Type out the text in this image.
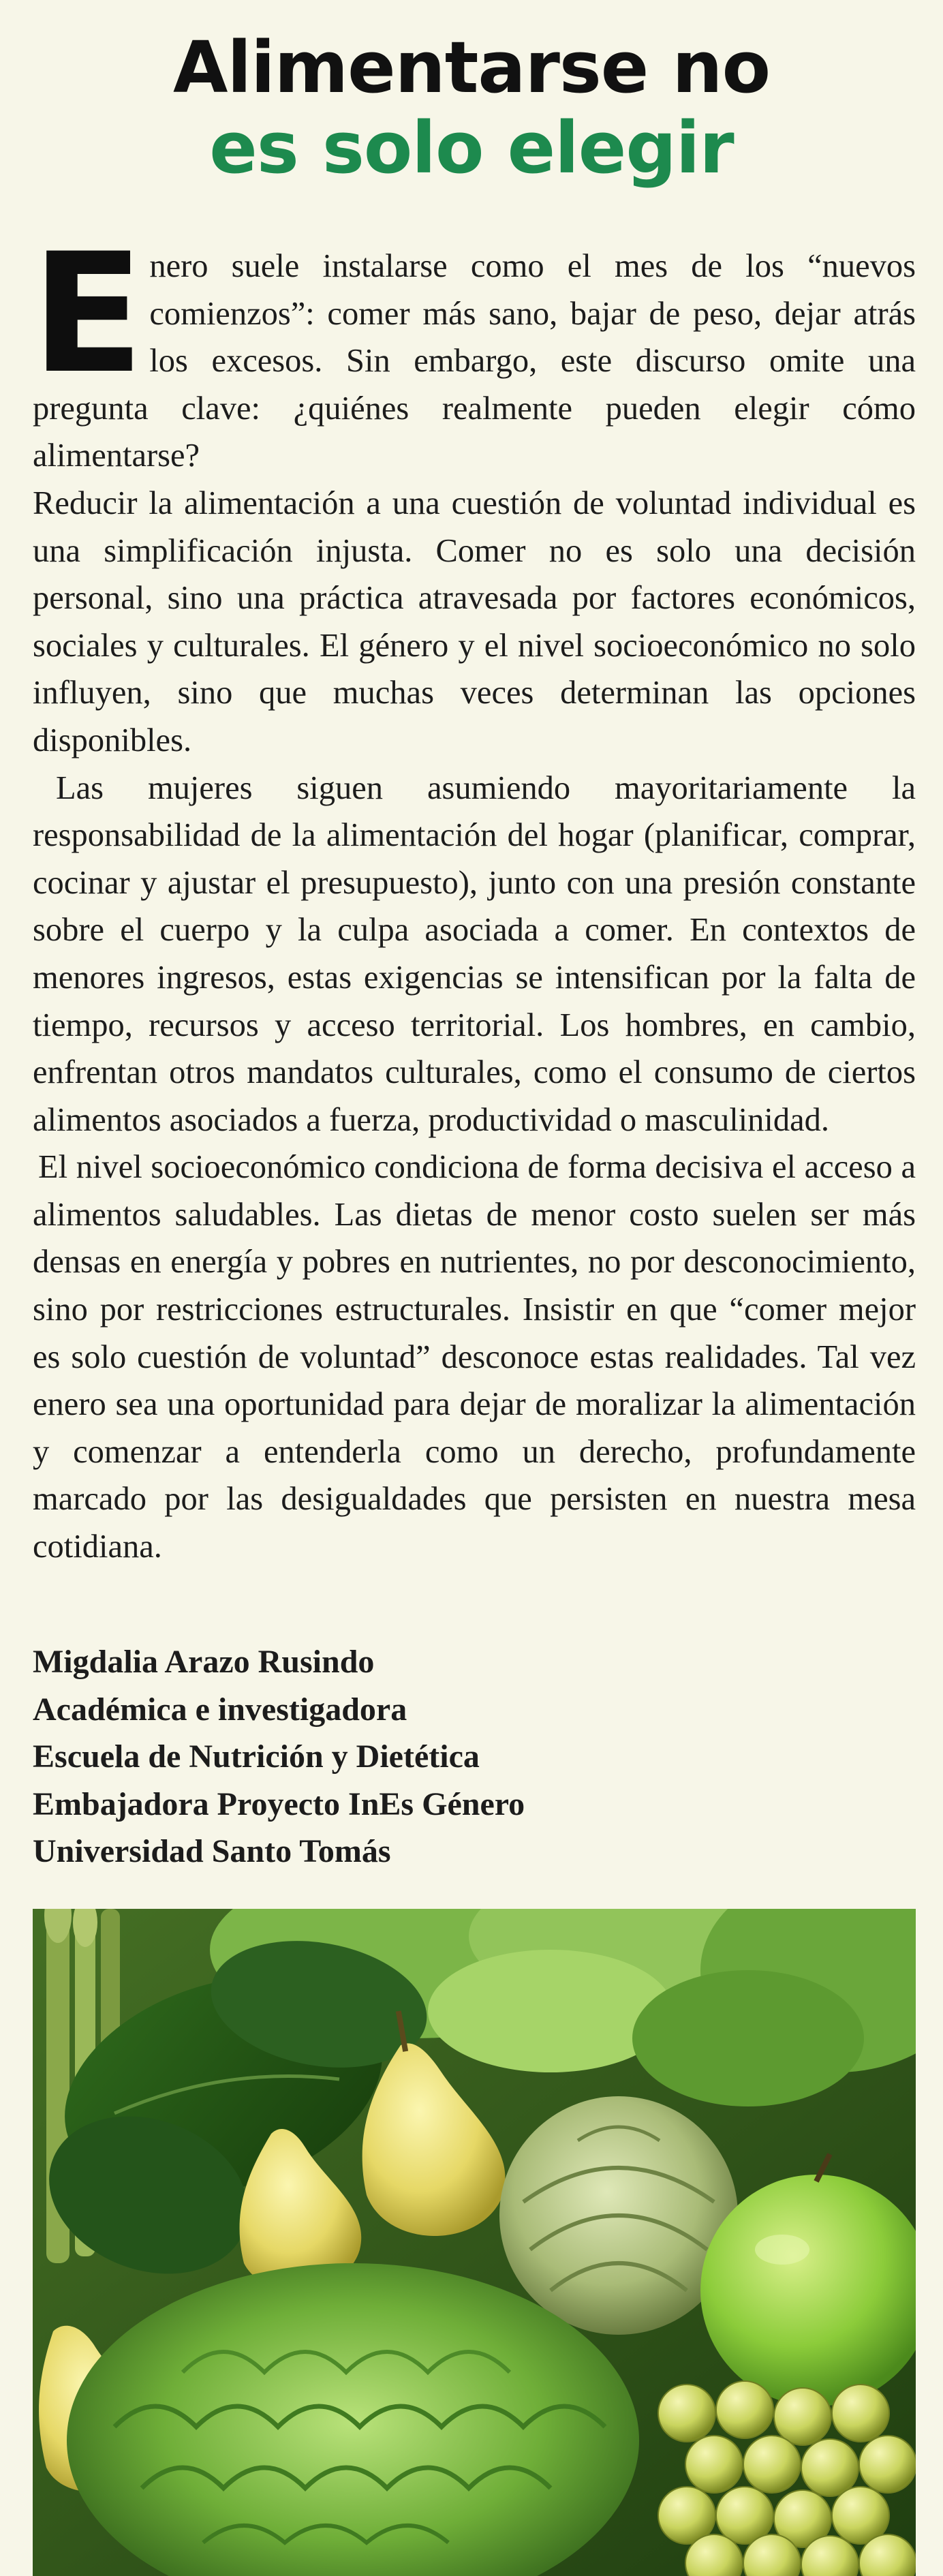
Alimentarse no
es solo elegir

Enero suele instalarse como el mes de los “nuevos comienzos”: comer más sano, bajar de peso, dejar atrás los excesos. Sin embargo, este discurso omite una pregunta clave: ¿quiénes realmente pueden elegir cómo alimentarse?

Reducir la alimentación a una cuestión de voluntad individual es una simplificación injusta. Comer no es solo una decisión personal, sino una práctica atravesada por factores económicos, sociales y culturales. El género y el nivel socioeconómico no solo influyen, sino que muchas veces determinan las opciones disponibles.

Las mujeres siguen asumiendo mayoritariamente la responsabilidad de la alimentación del hogar (planificar, comprar, cocinar y ajustar el presupuesto), junto con una presión constante sobre el cuerpo y la culpa asociada a comer. En contextos de menores ingresos, estas exigencias se intensifican por la falta de tiempo, recursos y acceso territorial. Los hombres, en cambio, enfrentan otros mandatos culturales, como el consumo de ciertos alimentos asociados a fuerza, productividad o masculinidad.

El nivel socioeconómico condiciona de forma decisiva el acceso a alimentos saludables. Las dietas de menor costo suelen ser más densas en energía y pobres en nutrientes, no por desconocimiento, sino por restricciones estructurales. Insistir en que “comer mejor es solo cuestión de voluntad” desconoce estas realidades. Tal vez enero sea una oportunidad para dejar de moralizar la alimentación y comenzar a entenderla como un derecho, profundamente marcado por las desigualdades que persisten en nuestra mesa cotidiana.

Migdalia Arazo Rusindo
Académica e investigadora
Escuela de Nutrición y Dietética
Embajadora Proyecto InEs Género
Universidad Santo Tomás
